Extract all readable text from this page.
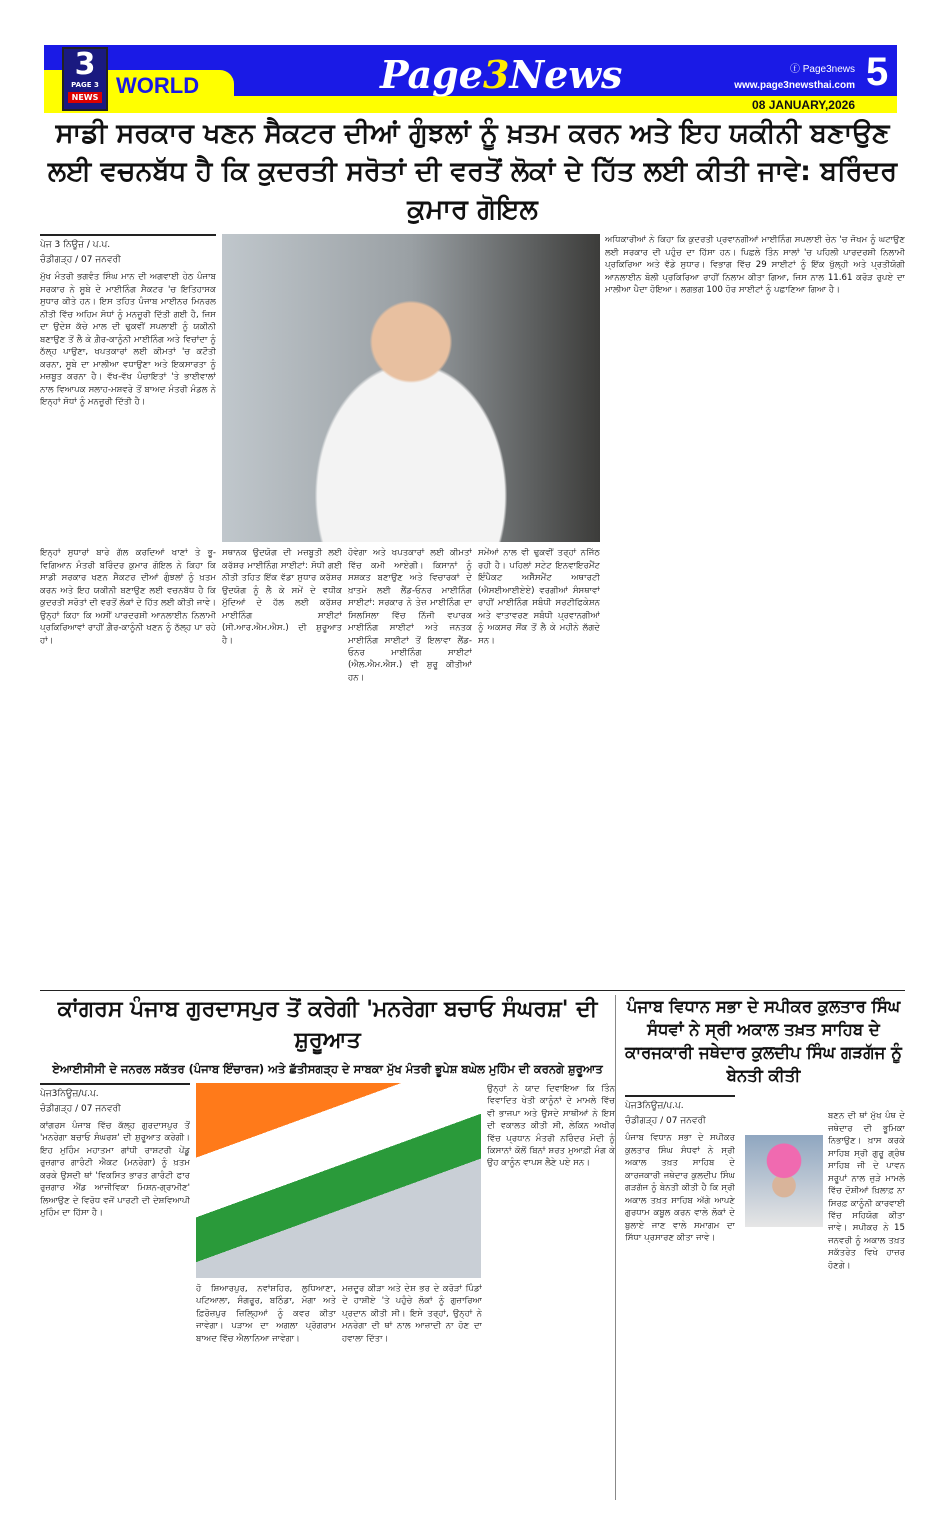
3
PAGE 3
NEWS WORLD	Page3News	ⓕ Page3news
www.page3newsthai.com 5
08 JANUARY,2026
ਸਾਡੀ ਸਰਕਾਰ ਖਣਨ ਸੈਕਟਰ ਦੀਆਂ ਗੁੰਝਲਾਂ ਨੂੰ ਖ਼ਤਮ ਕਰਨ ਅਤੇ ਇਹ ਯਕੀਨੀ ਬਣਾਉਣ ਲਈ ਵਚਨਬੱਧ ਹੈ ਕਿ ਕੁਦਰਤੀ ਸਰੋਤਾਂ ਦੀ ਵਰਤੋਂ ਲੋਕਾਂ ਦੇ ਹਿੱਤ ਲਈ ਕੀਤੀ ਜਾਵੇ: ਬਰਿੰਦਰ ਕੁਮਾਰ ਗੋਇਲ
ਪੇਜ 3 ਨਿਊਜ਼ / ਪ.ਪ.
ਚੰਡੀਗੜ੍ਹ / 07 ਜਨਵਰੀ

ਮੁੱਖ ਮੰਤਰੀ ਭਗਵੰਤ ਸਿੰਘ ਮਾਨ ਦੀ ਅਗਵਾਈ ਹੇਠ ਪੰਜਾਬ ਸਰਕਾਰ ਨੇ ਸੂਬੇ ਦੇ ਮਾਈਨਿੰਗ ਸੈਕਟਰ 'ਚ ਇਤਿਹਾਸਕ ਸੁਧਾਰ ਕੀਤੇ ਹਨ। ਇਸ ਤਹਿਤ ਪੰਜਾਬ ਮਾਈਨਰ ਮਿਨਰਲ ਨੀਤੀ ਵਿੱਚ ਅਹਿਮ ਸੋਧਾਂ ਨੂੰ ਮਨਜ਼ੂਰੀ ਦਿੱਤੀ ਗਈ ਹੈ, ਜਿਸ ਦਾ ਉਦੇਸ਼ ਕੱਚੇ ਮਾਲ ਦੀ ਢੁਕਵੀਂ ਸਪਲਾਈ ਨੂੰ ਯਕੀਨੀ ਬਣਾਉਣ ਤੋਂ ਲੈ ਕੇ ਗ਼ੈਰ-ਕਾਨੂੰਨੀ ਮਾਈਨਿੰਗ ਅਤੇ ਵਿਚਾਂਦਾ ਨੂੰ ਠੱਲ੍ਹ ਪਾਉਣਾ, ਖਪਤਕਾਰਾਂ ਲਈ ਕੀਮਤਾਂ 'ਚ ਕਟੌਤੀ ਕਰਨਾ, ਸੂਬੇ ਦਾ ਮਾਲੀਆ ਵਧਾਉਣਾ ਅਤੇ ਇਕਸਾਰਤਾ ਨੂੰ ਮਜ਼ਬੂਤ ਕਰਨਾ ਹੈ। ਵੱਖ-ਵੱਖ ਪੰਚਾਇਤਾਂ 'ਤੇ ਭਾਈਵਾਲਾਂ ਨਾਲ ਵਿਆਪਕ ਸਲਾਹ-ਮਸ਼ਵਰੇ ਤੋਂ ਬਾਅਦ ਮੰਤਰੀ ਮੰਡਲ ਨੇ ਇਨ੍ਹਾਂ ਸੋਧਾਂ ਨੂੰ ਮਨਜ਼ੂਰੀ ਦਿੱਤੀ ਹੈ।

ਅਧਿਕਾਰੀਆਂ ਨੇ ਕਿਹਾ ਕਿ ਕੁਦਰਤੀ ਪ੍ਰਵਾਨਗੀਆਂ ਮਾਈਨਿੰਗ ਸਪਲਾਈ ਚੇਨ 'ਚ ਜੋਖਮ ਨੂੰ ਘਟਾਉਣ ਲਈ ਸਰਕਾਰ ਦੀ ਪਹੁੰਚ ਦਾ ਹਿੱਸਾ ਹਨ। ਪਿਛਲੇ ਤਿੰਨ ਸਾਲਾਂ 'ਚ ਪਹਿਲੀ ਪਾਰਦਰਸ਼ੀ ਨਿਲਾਮੀ ਪ੍ਰਕਿਰਿਆ ਅਤੇ ਵੱਡੇ ਸੁਧਾਰ। ਵਿਭਾਗ ਵਿੱਚ 29 ਸਾਈਟਾਂ ਨੂੰ ਇੱਕ ਖੁੱਲ੍ਹੀ ਅਤੇ ਪ੍ਰਤੀਯੋਗੀ ਆਨਲਾਈਨ ਬੋਲੀ ਪ੍ਰਕਿਰਿਆ ਰਾਹੀਂ ਨਿਲਾਮ ਕੀਤਾ ਗਿਆ, ਜਿਸ ਨਾਲ 11.61 ਕਰੋੜ ਰੁਪਏ ਦਾ ਮਾਲੀਆ ਪੈਦਾ ਹੋਇਆ। ਲਗਭਗ 100 ਹੋਰ ਸਾਈਟਾਂ ਨੂੰ ਪਛਾਣਿਆ ਗਿਆ ਹੈ।

ਇਨ੍ਹਾਂ ਸੁਧਾਰਾਂ ਬਾਰੇ ਗੱਲ ਕਰਦਿਆਂ ਖਾਣਾਂ ਤੇ ਭੂ-ਵਿਗਿਆਨ ਮੰਤਰੀ ਬਰਿੰਦਰ ਕੁਮਾਰ ਗੋਇਲ ਨੇ ਕਿਹਾ ਕਿ ਸਾਡੀ ਸਰਕਾਰ ਖਣਨ ਸੈਕਟਰ ਦੀਆਂ ਗੁੰਝਲਾਂ ਨੂੰ ਖ਼ਤਮ ਕਰਨ ਅਤੇ ਇਹ ਯਕੀਨੀ ਬਣਾਉਣ ਲਈ ਵਚਨਬੱਧ ਹੈ ਕਿ ਕੁਦਰਤੀ ਸਰੋਤਾਂ ਦੀ ਵਰਤੋਂ ਲੋਕਾਂ ਦੇ ਹਿੱਤ ਲਈ ਕੀਤੀ ਜਾਵੇ। ਉਨ੍ਹਾਂ ਕਿਹਾ ਕਿ ਅਸੀਂ ਪਾਰਦਰਸ਼ੀ ਆਨਲਾਈਨ ਨਿਲਾਮੀ ਪ੍ਰਕਿਰਿਆਵਾਂ ਰਾਹੀਂ ਗ਼ੈਰ-ਕਾਨੂੰਨੀ ਖਣਨ ਨੂੰ ਠੱਲ੍ਹ ਪਾ ਰਹੇ ਹਾਂ।

ਸਥਾਨਕ ਉਦਯੋਗ ਦੀ ਮਜ਼ਬੂਤੀ ਲਈ ਕਰੱਸ਼ਰ ਮਾਈਨਿੰਗ ਸਾਈਟਾਂ: ਸੋਧੀ ਗਈ ਨੀਤੀ ਤਹਿਤ ਇੱਕ ਵੱਡਾ ਸੁਧਾਰ ਕਰੱਸ਼ਰ ਉਦਯੋਗ ਨੂੰ ਲੈ ਕੇ ਸਮੇਂ ਦੇ ਵਧੀਕ ਮੁੱਦਿਆਂ ਦੇ ਹੱਲ ਲਈ ਕਰੱਸ਼ਰ ਮਾਈਨਿੰਗ ਸਾਈਟਾਂ (ਸੀ.ਆਰ.ਐਮ.ਐਸ.) ਦੀ ਸ਼ੁਰੂਆਤ ਹੈ।

ਹੋਵੇਗਾ ਅਤੇ ਖਪਤਕਾਰਾਂ ਲਈ ਕੀਮਤਾਂ ਵਿੱਚ ਕਮੀ ਆਏਗੀ। ਕਿਸਾਨਾਂ ਨੂੰ ਸਸ਼ਕਤ ਬਣਾਉਣ ਅਤੇ ਵਿਚਾਰਕਾਂ ਦੇ ਖ਼ਾਤਮੇ ਲਈ ਲੈਂਡ-ਓਨਰ ਮਾਈਨਿੰਗ ਸਾਈਟਾਂ: ਸਰਕਾਰ ਨੇ ਤੇਜ਼ ਮਾਈਨਿੰਗ ਦਾ ਸਿਲਸਿਲਾ ਵਿੱਚ ਨਿੱਜੀ ਵਪਾਰਕ ਮਾਈਨਿੰਗ ਸਾਈਟਾਂ ਅਤੇ ਜਨਤਕ ਮਾਈਨਿੰਗ ਸਾਈਟਾਂ ਤੋਂ ਇਲਾਵਾ ਲੈਂਡ-ਓਨਰ ਮਾਈਨਿੰਗ ਸਾਈਟਾਂ (ਐਲ.ਐਮ.ਐਸ.) ਵੀ ਸ਼ੁਰੂ ਕੀਤੀਆਂ ਹਨ।

ਸਮੇਂਆਂ ਨਾਲ ਵੀ ਢੁਕਵੀਂ ਤਰ੍ਹਾਂ ਨਜਿੱਠ ਰਹੀ ਹੈ। ਪਹਿਲਾਂ ਸਟੇਟ ਇਨਵਾਇਰਮੈਂਟ ਇੰਪੈਕਟ ਅਸੈੱਸਮੈਂਟ ਅਥਾਰਟੀ (ਐਸਈਆਈਏਏ) ਵਰਗੀਆਂ ਸੰਸਥਾਵਾਂ ਰਾਹੀਂ ਮਾਈਨਿੰਗ ਸਬੰਧੀ ਸਰਟੀਫਿਕੇਸ਼ਨ ਅਤੇ ਵਾਤਾਵਰਣ ਸਬੰਧੀ ਪ੍ਰਵਾਨਗੀਆਂ ਨੂੰ ਅਕਸਰ ਸੌਂਕ ਤੋਂ ਲੈ ਕੇ ਮਹੀਨੇ ਲੱਗਦੇ ਸਨ।

ਕਾਂਗਰਸ ਪੰਜਾਬ ਗੁਰਦਾਸਪੁਰ ਤੋਂ ਕਰੇਗੀ 'ਮਨਰੇਗਾ ਬਚਾਓ ਸੰਘਰਸ਼' ਦੀ ਸ਼ੁਰੂਆਤ
ਏਆਈਸੀਸੀ ਦੇ ਜਨਰਲ ਸਕੱਤਰ (ਪੰਜਾਬ ਇੰਚਾਰਜ) ਅਤੇ ਛੱਤੀਸਗੜ੍ਹ ਦੇ ਸਾਬਕਾ ਮੁੱਖ ਮੰਤਰੀ ਭੂਪੇਸ਼ ਬਘੇਲ ਮੁਹਿੰਮ ਦੀ ਕਰਨਗੇ ਸ਼ੁਰੂਆਤ
ਪੇਜ3ਨਿਊਜ਼/ਪ.ਪ.
ਚੰਡੀਗੜ੍ਹ / 07 ਜਨਵਰੀ

ਕਾਂਗਰਸ ਪੰਜਾਬ ਵਿੱਚ ਕੱਲ੍ਹ ਗੁਰਦਾਸਪੁਰ ਤੋਂ 'ਮਨਰੇਗਾ ਬਚਾਓ ਸੰਘਰਸ਼' ਦੀ ਸ਼ੁਰੂਆਤ ਕਰੇਗੀ। ਇਹ ਮੁਹਿੰਮ ਮਹਾਤਮਾ ਗਾਂਧੀ ਰਾਸ਼ਟਰੀ ਪੇਂਡੂ ਰੁਜ਼ਗਾਰ ਗਾਰੰਟੀ ਐਕਟ (ਮਨਰੇਗਾ) ਨੂੰ ਖ਼ਤਮ ਕਰਕੇ ਉਸਦੀ ਥਾਂ 'ਵਿਕਸਿਤ ਭਾਰਤ ਗਾਰੰਟੀ ਫਾਰ ਰੁਜ਼ਗਾਰ ਐਂਡ ਆਜੀਵਿਕਾ ਮਿਸ਼ਨ-ਗ੍ਰਾਮੀਣ' ਲਿਆਉਣ ਦੇ ਵਿਰੋਧ ਵਜੋਂ ਪਾਰਟੀ ਦੀ ਦੇਸ਼ਵਿਆਪੀ ਮੁਹਿੰਮ ਦਾ ਹਿੱਸਾ ਹੈ।

ਹੋ ਸ਼ਿਆਰਪੁਰ, ਨਵਾਂਸ਼ਹਿਰ, ਲੁਧਿਆਣਾ, ਪਟਿਆਲਾ, ਸੰਗਰੂਰ, ਬਠਿੰਡਾ, ਮੋਗਾ ਅਤੇ ਫ਼ਿਰੋਜ਼ਪੁਰ ਜ਼ਿਲ੍ਹਿਆਂ ਨੂੰ ਕਵਰ ਕੀਤਾ ਜਾਵੇਗਾ। ਪੜਾਅ ਦਾ ਅਗਲਾ ਪ੍ਰੋਗਰਾਮ ਬਾਅਦ ਵਿੱਚ ਐਲਾਨਿਆ ਜਾਵੇਗਾ।

ਮਜ਼ਦੂਰ ਕੀੜਾ ਅਤੇ ਦੇਸ਼ ਭਰ ਦੇ ਕਰੋੜਾਂ ਪਿੰਡਾਂ ਦੇ ਹਾਸ਼ੀਏ 'ਤੇ ਪਹੁੰਚੇ ਲੋਕਾਂ ਨੂੰ ਗੁਜ਼ਾਰਿਆ ਪ੍ਰਦਾਨ ਕੀਤੀ ਸੀ। ਇਸੇ ਤਰ੍ਹਾਂ, ਉਨ੍ਹਾਂ ਨੇ ਮਨਰੇਗਾ ਦੀ ਥਾਂ ਨਾਲ ਆਜ਼ਾਦੀ ਨਾ ਹੋਣ ਦਾ ਹਵਾਲਾ ਦਿੱਤਾ।

ਉਨ੍ਹਾਂ ਨੇ ਯਾਦ ਦਿਵਾਇਆ ਕਿ ਤਿੰਨ ਵਿਵਾਦਿਤ ਖੇਤੀ ਕਾਨੂੰਨਾਂ ਦੇ ਮਾਮਲੇ ਵਿੱਚ ਵੀ ਭਾਜਪਾ ਅਤੇ ਉਸਦੇ ਸਾਥੀਆਂ ਨੇ ਇਸ ਦੀ ਵਕਾਲਤ ਕੀਤੀ ਸੀ, ਲੇਕਿਨ ਅਖੀਰ ਵਿੱਚ ਪ੍ਰਧਾਨ ਮੰਤਰੀ ਨਰਿੰਦਰ ਮੋਦੀ ਨੂੰ ਕਿਸਾਨਾਂ ਕੋਲੋਂ ਬਿਨਾਂ ਸ਼ਰਤ ਮੁਆਫ਼ੀ ਮੰਗ ਕੇ ਉਹ ਕਾਨੂੰਨ ਵਾਪਸ ਲੈਣੇ ਪਏ ਸਨ।

ਪੰਜਾਬ ਵਿਧਾਨ ਸਭਾ ਦੇ ਸਪੀਕਰ ਕੁਲਤਾਰ ਸਿੰਘ ਸੰਧਵਾਂ ਨੇ ਸ੍ਰੀ ਅਕਾਲ ਤਖ਼ਤ ਸਾਹਿਬ ਦੇ ਕਾਰਜਕਾਰੀ ਜਥੇਦਾਰ ਕੁਲਦੀਪ ਸਿੰਘ ਗੜਗੱਜ ਨੂੰ ਬੇਨਤੀ ਕੀਤੀ
ਪੇਜ3ਨਿਊਜ਼/ਪ.ਪ.
ਚੰਡੀਗੜ੍ਹ / 07 ਜਨਵਰੀ

ਪੰਜਾਬ ਵਿਧਾਨ ਸਭਾ ਦੇ ਸਪੀਕਰ ਕੁਲਤਾਰ ਸਿੰਘ ਸੰਧਵਾਂ ਨੇ ਸ੍ਰੀ ਅਕਾਲ ਤਖ਼ਤ ਸਾਹਿਬ ਦੇ ਕਾਰਜਕਾਰੀ ਜਥੇਦਾਰ ਕੁਲਦੀਪ ਸਿੰਘ ਗੜਗੱਜ ਨੂੰ ਬੇਨਤੀ ਕੀਤੀ ਹੈ ਕਿ ਸ੍ਰੀ ਅਕਾਲ ਤਖ਼ਤ ਸਾਹਿਬ ਅੱਗੇ ਆਪਣੇ ਗੁਰਧਾਮ ਕਬੂਲ ਕਰਨ ਵਾਲੇ ਲੋਕਾਂ ਦੇ ਬੁਲਾਏ ਜਾਣ ਵਾਲੇ ਸਮਾਗਮ ਦਾ ਸਿੱਧਾ ਪ੍ਰਸਾਰਣ ਕੀਤਾ ਜਾਵੇ।

ਬਣਨ ਦੀ ਥਾਂ ਮੁੱਖ ਪੰਥ ਦੇ ਜਥੇਦਾਰ ਦੀ ਭੂਮਿਕਾ ਨਿਭਾਉਣ। ਖ਼ਾਸ ਕਰਕੇ ਸਾਹਿਬ ਸ੍ਰੀ ਗੁਰੂ ਗ੍ਰੰਥ ਸਾਹਿਬ ਜੀ ਦੇ ਪਾਵਨ ਸਰੂਪਾਂ ਨਾਲ ਜੁੜੇ ਮਾਮਲੇ ਵਿੱਚ ਦੋਸ਼ੀਆਂ ਖ਼ਿਲਾਫ਼ ਨਾ ਸਿਰਫ਼ ਕਾਨੂੰਨੀ ਕਾਰਵਾਈ ਵਿੱਚ ਸਹਿਯੋਗ ਕੀਤਾ ਜਾਵੇ। ਸਪੀਕਰ ਨੇ 15 ਜਨਵਰੀ ਨੂੰ ਅਕਾਲ ਤਖ਼ਤ ਸਕੱਤਰੇਤ ਵਿਖੇ ਹਾਜ਼ਰ ਹੋਣਗੇ।
